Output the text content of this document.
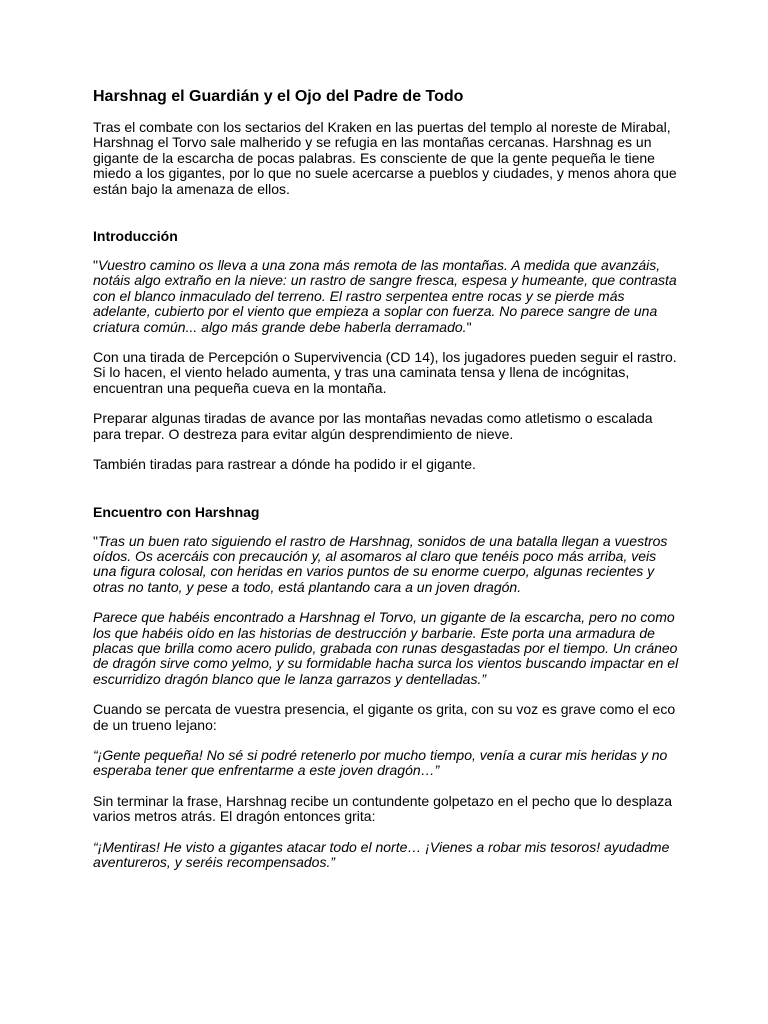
Harshnag el Guardián y el Ojo del Padre de Todo

Tras el combate con los sectarios del Kraken en las puertas del templo al noreste de Mirabal, Harshnag el Torvo sale malherido y se refugia en las montañas cercanas. Harshnag es un gigante de la escarcha de pocas palabras. Es consciente de que la gente pequeña le tiene miedo a los gigantes, por lo que no suele acercarse a pueblos y ciudades, y menos ahora que están bajo la amenaza de ellos.

Introducción

"Vuestro camino os lleva a una zona más remota de las montañas. A medida que avanzáis, notáis algo extraño en la nieve: un rastro de sangre fresca, espesa y humeante, que contrasta con el blanco inmaculado del terreno. El rastro serpentea entre rocas y se pierde más adelante, cubierto por el viento que empieza a soplar con fuerza. No parece sangre de una criatura común... algo más grande debe haberla derramado."

Con una tirada de Percepción o Supervivencia (CD 14), los jugadores pueden seguir el rastro. Si lo hacen, el viento helado aumenta, y tras una caminata tensa y llena de incógnitas, encuentran una pequeña cueva en la montaña.

Preparar algunas tiradas de avance por las montañas nevadas como atletismo o escalada para trepar. O destreza para evitar algún desprendimiento de nieve.

También tiradas para rastrear a dónde ha podido ir el gigante.

Encuentro con Harshnag

"Tras un buen rato siguiendo el rastro de Harshnag, sonidos de una batalla llegan a vuestros oídos. Os acercáis con precaución y, al asomaros al claro que tenéis poco más arriba, veis una figura colosal, con heridas en varios puntos de su enorme cuerpo, algunas recientes y otras no tanto, y pese a todo, está plantando cara a un joven dragón.

Parece que habéis encontrado a Harshnag el Torvo, un gigante de la escarcha, pero no como los que habéis oído en las historias de destrucción y barbarie. Este porta una armadura de placas que brilla como acero pulido, grabada con runas desgastadas por el tiempo. Un cráneo de dragón sirve como yelmo, y su formidable hacha surca los vientos buscando impactar en el escurridizo dragón blanco que le lanza garrazos y dentelladas.”

Cuando se percata de vuestra presencia, el gigante os grita, con su voz es grave como el eco de un trueno lejano:

“¡Gente pequeña! No sé si podré retenerlo por mucho tiempo, venía a curar mis heridas y no esperaba tener que enfrentarme a este joven dragón…”

Sin terminar la frase, Harshnag recibe un contundente golpetazo en el pecho que lo desplaza varios metros atrás. El dragón entonces grita:

“¡Mentiras! He visto a gigantes atacar todo el norte… ¡Vienes a robar mis tesoros! ayudadme aventureros, y seréis recompensados.”
